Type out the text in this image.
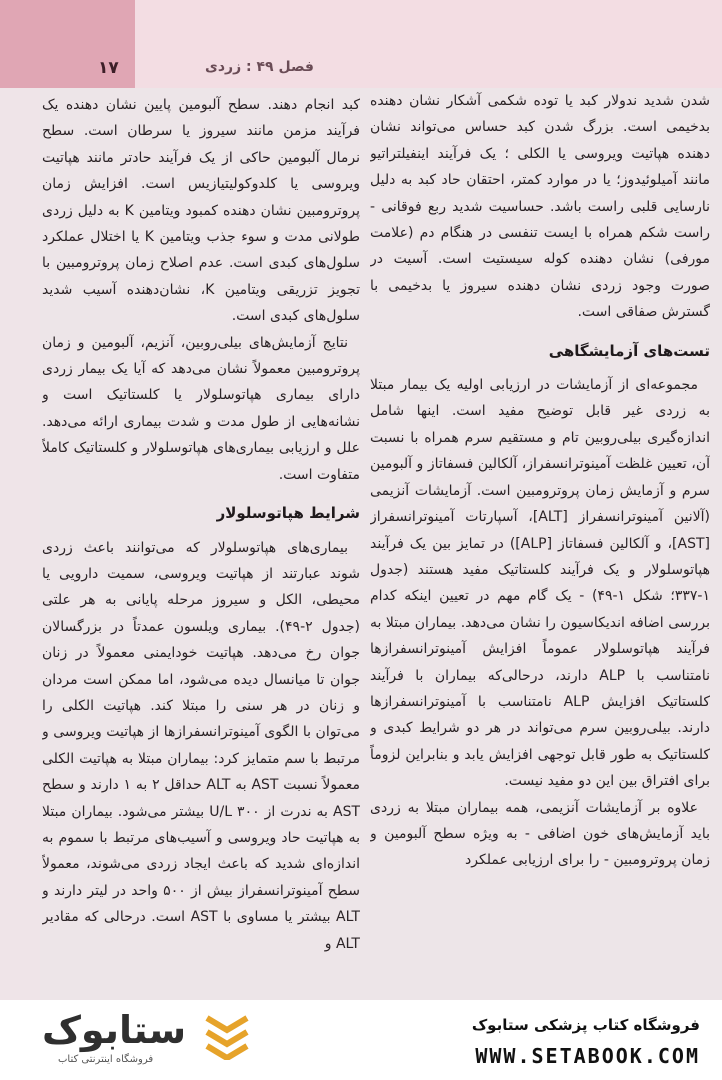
۱۷	فصل ۴۹ : زردی

شدن شدید ندولار کبد یا توده شکمی آشکار نشان دهنده بدخیمی است. بزرگ شدن کبد حساس می‌تواند نشان دهنده هپاتیت ویروسی یا الکلی ؛ یک فرآیند اینفیلتراتیو مانند آمیلوئیدوز؛ یا در موارد کمتر، احتقان حاد کبد به دلیل نارسایی قلبی راست باشد. حساسیت شدید ربع فوقانی - راست شکم همراه با ایست تنفسی در هنگام دم (علامت مورفی) نشان دهنده کوله سیستیت است. آسیت در صورت وجود زردی نشان دهنده سیروز یا بدخیمی با گسترش صفاقی است.

تست‌های آزمایشگاهی

مجموعه‌ای از آزمایشات در ارزیابی اولیه یک بیمار مبتلا به زردی غیر قابل توضیح مفید است. اینها شامل اندازه‌گیری بیلی‌روبین تام و مستقیم سرم همراه با نسبت آن، تعیین غلظت آمینوترانسفراز، آلکالین فسفاتاز و آلبومین سرم و آزمایش زمان پروترومبین است. آزمایشات آنزیمی (آلانین آمینوترانسفراز [ALT]، آسپارتات آمینوترانسفراز [AST]، و آلکالین فسفاتاز [ALP]) در تمایز بین یک فرآیند هپاتوسلولار و یک فرآیند کلستاتیک مفید هستند (جدول ۱-۳۳۷؛ شکل ۱-۴۹) - یک گام مهم در تعیین اینکه کدام بررسی اضافه اندیکاسیون را نشان می‌دهد. بیماران مبتلا به فرآیند هپاتوسلولار عموماً افزایش آمینوترانسفرازها نامتناسب با ALP دارند، درحالی‌که بیماران با فرآیند کلستاتیک افزایش ALP نامتناسب با آمینوترانسفرازها دارند. بیلی‌روبین سرم می‌تواند در هر دو شرایط کبدی و کلستاتیک به طور قابل توجهی افزایش یابد و بنابراین لزوماً برای افتراق بین این دو مفید نیست.

علاوه بر آزمایشات آنزیمی، همه بیماران مبتلا به زردی باید آزمایش‌های خون اضافی - به ویژه سطح آلبومین و زمان پروترومبین - را برای ارزیابی عملکرد

کبد انجام دهند. سطح آلبومین پایین نشان دهنده یک فرآیند مزمن مانند سیروز یا سرطان است. سطح نرمال آلبومین حاکی از یک فرآیند حادتر مانند هپاتیت ویروسی یا کلدوکولیتیازیس است. افزایش زمان پروترومبین نشان دهنده کمبود ویتامین K به دلیل زردی طولانی مدت و سوء جذب ویتامین K یا اختلال عملکرد سلول‌های کبدی است. عدم اصلاح زمان پروترومبین با تجویز تزریقی ویتامین K، نشان‌دهنده آسیب شدید سلول‌های کبدی است.

نتایج آزمایش‌های بیلی‌روبین، آنزیم، آلبومین و زمان پروترومبین معمولاً نشان می‌دهد که آیا یک بیمار زردی دارای بیماری هپاتوسلولار یا کلستاتیک است و نشانه‌هایی از طول مدت و شدت بیماری ارائه می‌دهد. علل و ارزیابی بیماری‌های هپاتوسلولار و کلستاتیک کاملاً متفاوت است.

شرایط هپاتوسلولار

بیماری‌های هپاتوسلولار که می‌توانند باعث زردی شوند عبارتند از هپاتیت ویروسی، سمیت دارویی یا محیطی، الکل و سیروز مرحله پایانی به هر علتی (جدول ۲-۴۹). بیماری ویلسون عمدتاً در بزرگسالان جوان رخ می‌دهد. هپاتیت خودایمنی معمولاً در زنان جوان تا میانسال دیده می‌شود، اما ممکن است مردان و زنان در هر سنی را مبتلا کند. هپاتیت الکلی را می‌توان با الگوی آمینوترانسفرازها از هپاتیت ویروسی و مرتبط با سم متمایز کرد: بیماران مبتلا به هپاتیت الکلی معمولاً نسبت AST به ALT حداقل ۲ به ۱ دارند و سطح AST به ندرت از ۳۰۰ U/L بیشتر می‌شود. بیماران مبتلا به هپاتیت حاد ویروسی و آسیب‌های مرتبط با سموم به اندازه‌ای شدید که باعث ایجاد زردی می‌شوند، معمولاً سطح آمینوترانسفراز بیش از ۵۰۰ واحد در لیتر دارند و ALT بیشتر یا مساوی با AST است. درحالی که مقادیر ALT و

ستابوک
فروشگاه اینترنتی کتاب
فروشگاه کتاب پزشکی ستابوک
WWW.SETABOOK.COM
